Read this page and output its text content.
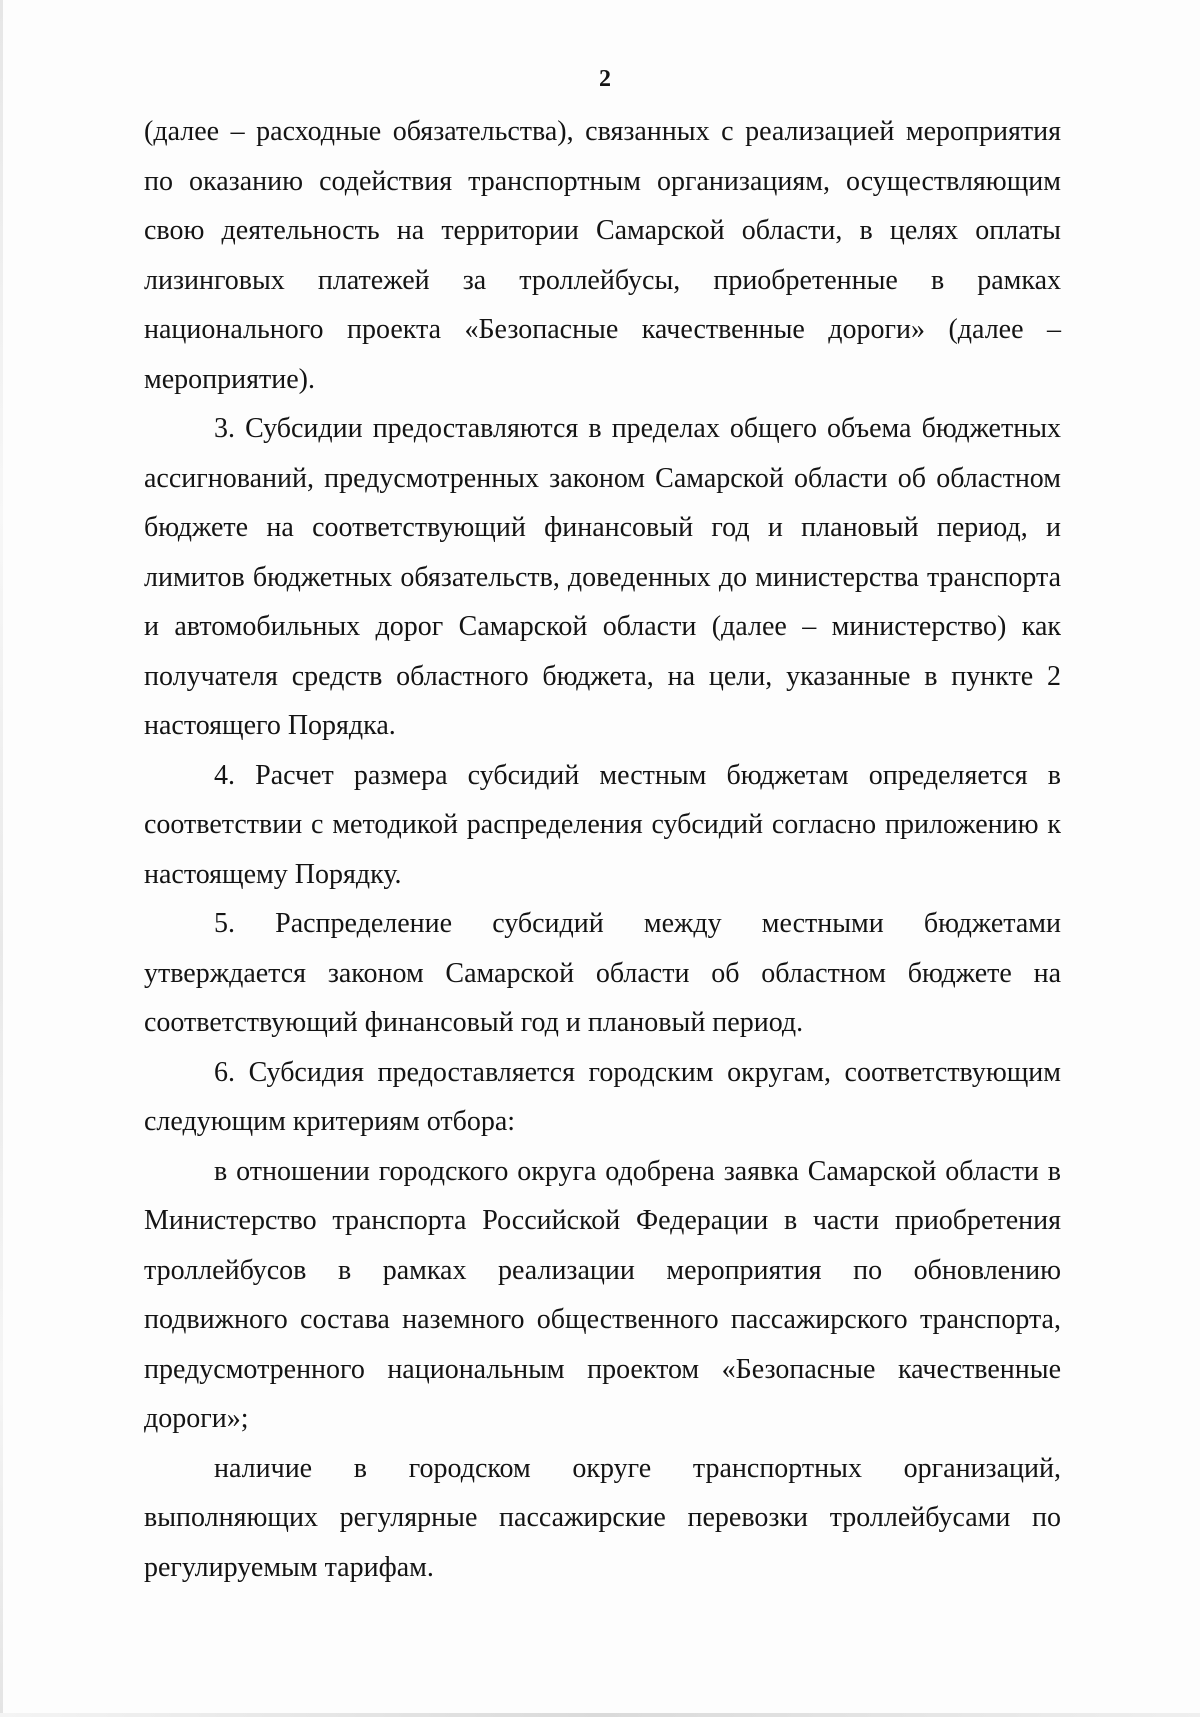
2

(далее – расходные обязательства), связанных с реализацией мероприятия по оказанию содействия транспортным организациям, осуществляющим свою деятельность на территории Самарской области, в целях оплаты лизинговых платежей за троллейбусы, приобретенные в рамках национального проекта «Безопасные качественные дороги» (далее – мероприятие).

3. Субсидии предоставляются в пределах общего объема бюджетных ассигнований, предусмотренных законом Самарской области об областном бюджете на соответствующий финансовый год и плановый период, и лимитов бюджетных обязательств, доведенных до министерства транспорта и автомобильных дорог Самарской области (далее – министерство) как получателя средств областного бюджета, на цели, указанные в пункте 2 настоящего Порядка.

4. Расчет размера субсидий местным бюджетам определяется в соответствии с методикой распределения субсидий согласно приложению к настоящему Порядку.

5. Распределение субсидий между местными бюджетами утверждается законом Самарской области об областном бюджете на соответствующий финансовый год и плановый период.

6. Субсидия предоставляется городским округам, соответствующим следующим критериям отбора:

в отношении городского округа одобрена заявка Самарской области в Министерство транспорта Российской Федерации в части приобретения троллейбусов в рамках реализации мероприятия по обновлению подвижного состава наземного общественного пассажирского транспорта, предусмотренного национальным проектом «Безопасные качественные дороги»;

наличие в городском округе транспортных организаций, выполняющих регулярные пассажирские перевозки троллейбусами по регулируемым тарифам.
